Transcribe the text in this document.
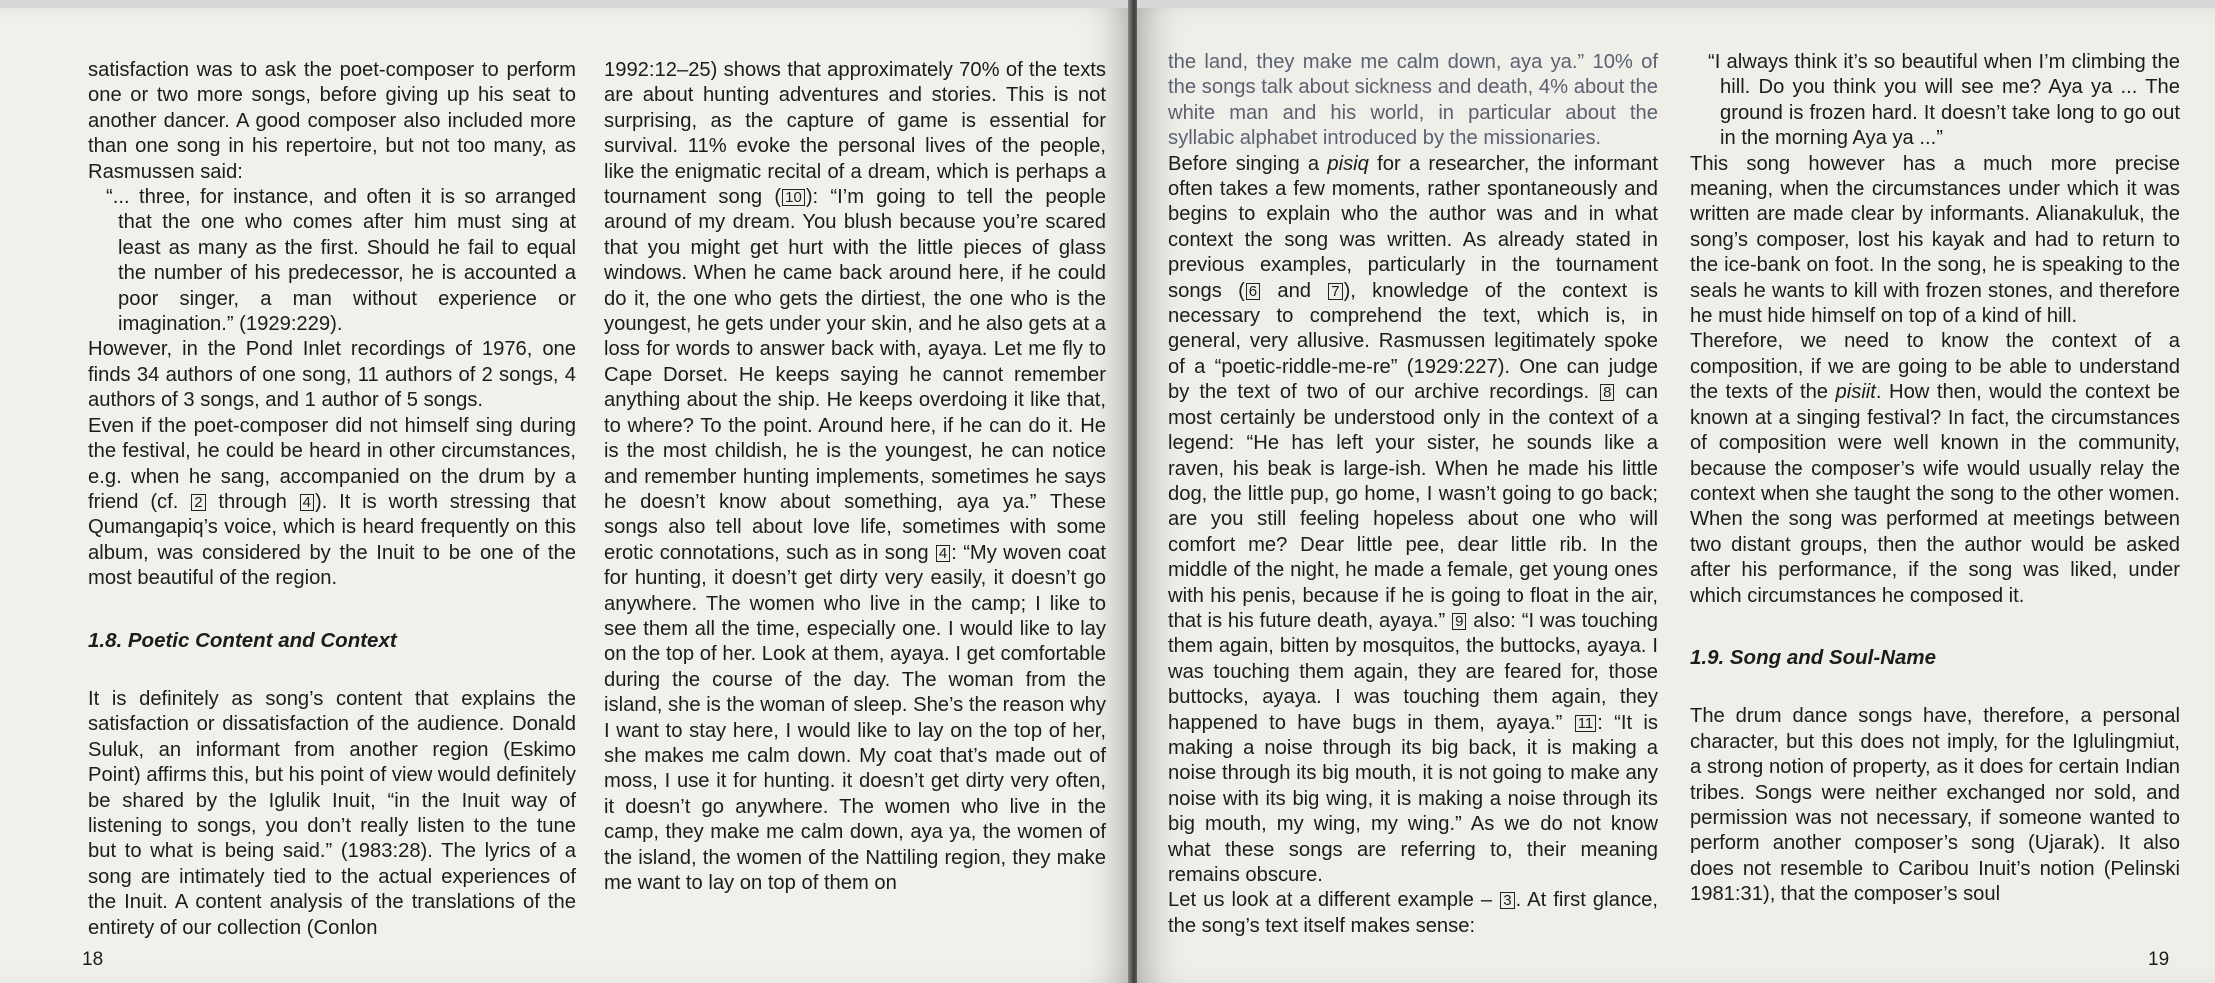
satisfaction was to ask the poet-composer to perform one or two more songs, before giving up his seat to another dancer. A good composer also included more than one song in his repertoire, but not too many, as Rasmussen said:

“... three, for instance, and often it is so arranged that the one who comes after him must sing at least as many as the first. Should he fail to equal the number of his predecessor, he is accounted a poor singer, a man without experience or imagination.” (1929:229).

However, in the Pond Inlet recordings of 1976, one finds 34 authors of one song, 11 authors of 2 songs, 4 authors of 3 songs, and 1 author of 5 songs.

Even if the poet-composer did not himself sing during the festival, he could be heard in other circumstances, e.g. when he sang, accompanied on the drum by a friend (cf. 2 through 4 ). It is worth stressing that Qumangapiq’s voice, which is heard frequently on this album, was considered by the Inuit to be one of the most beautiful of the region.

1.8. Poetic Content and Context

It is definitely as song’s content that explains the satisfaction or dissatisfaction of the audience. Donald Suluk, an informant from another region (Eskimo Point) affirms this, but his point of view would definitely be shared by the Iglulik Inuit, “in the Inuit way of listening to songs, you don’t really listen to the tune but to what is being said.” (1983:28). The lyrics of a song are intimately tied to the actual experiences of the Inuit. A content analysis of the translations of the entirety of our collection (Conlon

1992:12–25) shows that approximately 70% of the texts are about hunting adventures and stories. This is not surprising, as the capture of game is essential for survival. 11% evoke the personal lives of the people, like the enigmatic recital of a dream, which is perhaps a tournament song ( 10 ): “I’m going to tell the people around of my dream. You blush because you’re scared that you might get hurt with the little pieces of glass windows. When he came back around here, if he could do it, the one who gets the dirtiest, the one who is the youngest, he gets under your skin, and he also gets at a loss for words to answer back with, ayaya. Let me fly to Cape Dorset. He keeps saying he cannot remember anything about the ship. He keeps overdoing it like that, to where? To the point. Around here, if he can do it. He is the most childish, he is the youngest, he can notice and remember hunting implements, sometimes he says he doesn’t know about something, aya ya.” These songs also tell about love life, sometimes with some erotic connotations, such as in song 4 : “My woven coat for hunting, it doesn’t get dirty very easily, it doesn’t go anywhere. The women who live in the camp; I like to see them all the time, especially one. I would like to lay on the top of her. Look at them, ayaya. I get comfortable during the course of the day. The woman from the island, she is the woman of sleep. She’s the reason why I want to stay here, I would like to lay on the top of her, she makes me calm down. My coat that’s made out of moss, I use it for hunting. it doesn’t get dirty very often, it doesn’t go anywhere. The women who live in the camp, they make me calm down, aya ya, the women of the island, the women of the Nattiling region, they make me want to lay on top of them on

18

the land, they make me calm down, aya ya.” 10% of the songs talk about sickness and death, 4% about the white man and his world, in particular about the syllabic alphabet introduced by the missionaries.

Before singing a pisiq for a researcher, the informant often takes a few moments, rather spontaneously and begins to explain who the author was and in what context the song was written. As already stated in previous examples, particularly in the tournament songs ( 6 and 7 ), knowledge of the context is necessary to comprehend the text, which is, in general, very allusive. Rasmussen legitimately spoke of a “poetic-riddle-me-re” (1929:227). One can judge by the text of two of our archive recordings. 8 can most certainly be understood only in the context of a legend: “He has left your sister, he sounds like a raven, his beak is large-ish. When he made his little dog, the little pup, go home, I wasn’t going to go back; are you still feeling hopeless about one who will comfort me? Dear little pee, dear little rib. In the middle of the night, he made a female, get young ones with his penis, because if he is going to float in the air, that is his future death, ayaya.” 9 also: “I was touching them again, bitten by mosquitos, the buttocks, ayaya. I was touching them again, they are feared for, those buttocks, ayaya. I was touching them again, they happened to have bugs in them, ayaya.” 11 : “It is making a noise through its big back, it is making a noise through its big mouth, it is not going to make any noise with its big wing, it is making a noise through its big mouth, my wing, my wing.” As we do not know what these songs are referring to, their meaning remains obscure.

Let us look at a different example – 3 . At first glance, the song’s text itself makes sense:

“I always think it’s so beautiful when I’m climbing the hill. Do you think you will see me? Aya ya ... The ground is frozen hard. It doesn’t take long to go out in the morning Aya ya ...”

This song however has a much more precise meaning, when the circumstances under which it was written are made clear by informants. Alianakuluk, the song’s composer, lost his kayak and had to return to the ice-bank on foot. In the song, he is speaking to the seals he wants to kill with frozen stones, and therefore he must hide himself on top of a kind of hill.

Therefore, we need to know the context of a composition, if we are going to be able to understand the texts of the pisiit. How then, would the context be known at a singing festival? In fact, the circumstances of composition were well known in the community, because the composer’s wife would usually relay the context when she taught the song to the other women. When the song was performed at meetings between two distant groups, then the author would be asked after his performance, if the song was liked, under which circumstances he composed it.

1.9. Song and Soul-Name

The drum dance songs have, therefore, a personal character, but this does not imply, for the Iglulingmiut, a strong notion of property, as it does for certain Indian tribes. Songs were neither exchanged nor sold, and permission was not necessary, if someone wanted to perform another composer’s song (Ujarak). It also does not resemble to Caribou Inuit’s notion (Pelinski 1981:31), that the composer’s soul

19
